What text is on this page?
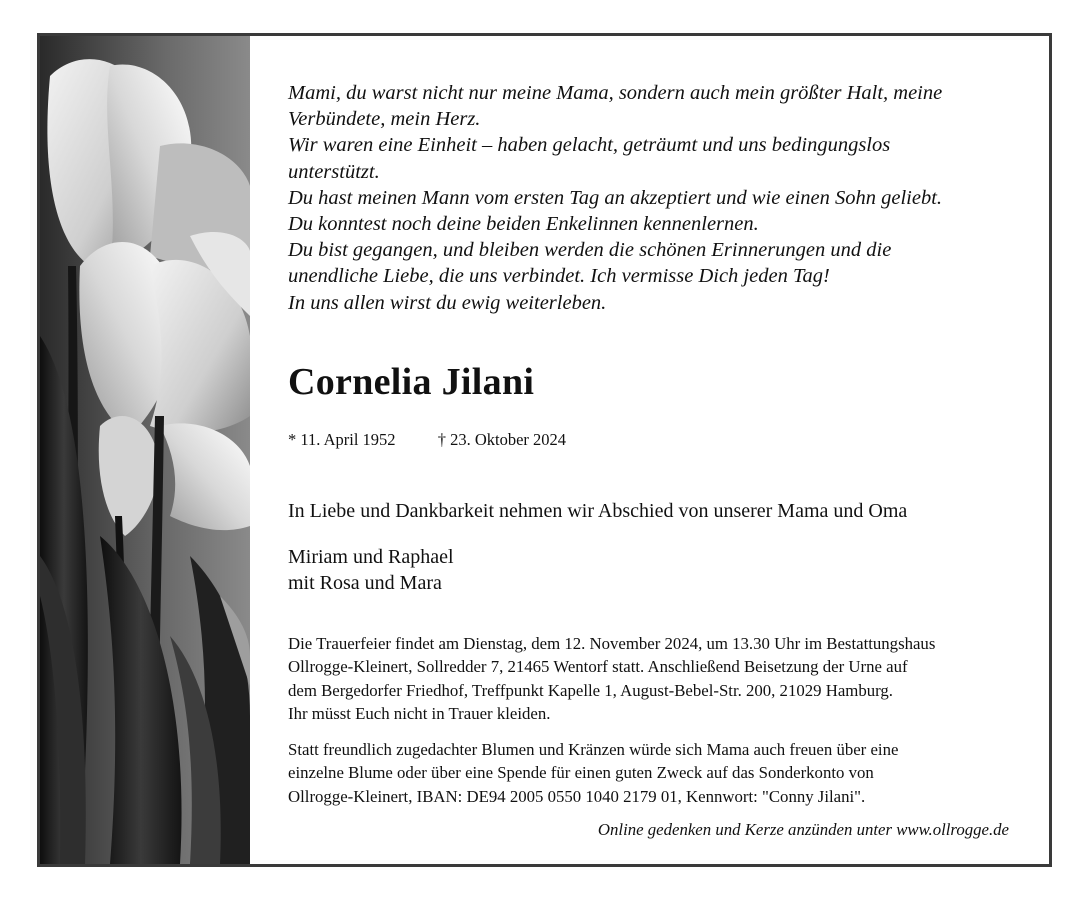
Mami, du warst nicht nur meine Mama, sondern auch mein größter Halt, meine
Verbündete, mein Herz.
Wir waren eine Einheit – haben gelacht, geträumt und uns bedingungslos
unterstützt.
Du hast meinen Mann vom ersten Tag an akzeptiert und wie einen Sohn geliebt.
Du konntest noch deine beiden Enkelinnen kennenlernen.
Du bist gegangen, und bleiben werden die schönen Erinnerungen und die
unendliche Liebe, die uns verbindet. Ich vermisse Dich jeden Tag!
In uns allen wirst du ewig weiterleben.
Cornelia Jilani
* 11. April 1952	† 23. Oktober 2024
In Liebe und Dankbarkeit nehmen wir Abschied von unserer Mama und Oma
Miriam und Raphael
mit Rosa und Mara
Die Trauerfeier findet am Dienstag, dem 12. November 2024, um 13.30 Uhr im Bestattungshaus
Ollrogge-Kleinert, Sollredder 7, 21465 Wentorf statt. Anschließend Beisetzung der Urne auf
dem Bergedorfer Friedhof, Treffpunkt Kapelle 1, August-Bebel-Str. 200, 21029 Hamburg.
Ihr müsst Euch nicht in Trauer kleiden.
Statt freundlich zugedachter Blumen und Kränzen würde sich Mama auch freuen über eine
einzelne Blume oder über eine Spende für einen guten Zweck auf das Sonderkonto von
Ollrogge-Kleinert, IBAN: DE94 2005 0550 1040 2179 01, Kennwort: "Conny Jilani".
Online gedenken und Kerze anzünden unter www.ollrogge.de
